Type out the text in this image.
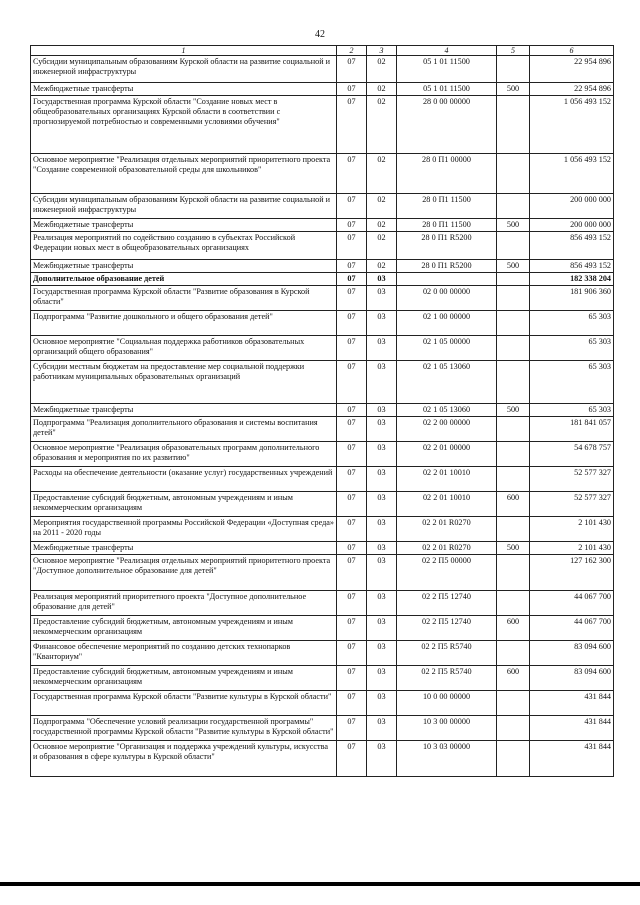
42
1	2	3	4	5	6
Субсидии муниципальным образованиям Курской области на развитие социальной и инженерной инфраструктуры	07	02	05 1 01 11500		22 954 896
Межбюджетные трансферты	07	02	05 1 01 11500	500	22 954 896
Государственная программа Курской области "Создание новых мест в общеобразовательных организациях Курской области в соответствии с прогнозируемой потребностью и современными условиями обучения"	07	02	28 0 00 00000		1 056 493 152
Основное мероприятие "Реализация отдельных мероприятий приоритетного проекта "Создание современной образовательной среды для школьников"	07	02	28 0 П1 00000		1 056 493 152
Субсидии муниципальным образованиям Курской области на развитие социальной и инженерной инфраструктуры	07	02	28 0 П1 11500		200 000 000
Межбюджетные трансферты	07	02	28 0 П1 11500	500	200 000 000
Реализация мероприятий по содействию созданию в субъектах Российской Федерации новых мест в общеобразовательных организациях	07	02	28 0 П1 R5200		856 493 152
Межбюджетные трансферты	07	02	28 0 П1 R5200	500	856 493 152
Дополнительное образование детей	07	03			182 338 204
Государственная программа Курской области "Развитие образования в Курской области"	07	03	02 0 00 00000		181 906 360
Подпрограмма "Развитие дошкольного и общего образования детей"	07	03	02 1 00 00000		65 303
Основное мероприятие "Социальная поддержка работников образовательных организаций общего образования"	07	03	02 1 05 00000		65 303
Субсидии местным бюджетам на предоставление мер социальной поддержки работникам муниципальных образовательных организаций	07	03	02 1 05 13060		65 303
Межбюджетные трансферты	07	03	02 1 05 13060	500	65 303
Подпрограмма "Реализация дополнительного образования и системы воспитания детей"	07	03	02 2 00 00000		181 841 057
Основное мероприятие "Реализация образовательных программ дополнительного образования и мероприятия по их развитию"	07	03	02 2 01 00000		54 678 757
Расходы на обеспечение деятельности (оказание услуг) государственных учреждений	07	03	02 2 01 10010		52 577 327
Предоставление субсидий бюджетным, автономным учреждениям и иным некоммерческим организациям	07	03	02 2 01 10010	600	52 577 327
Мероприятия государственной программы Российской Федерации «Доступная среда» на 2011 - 2020 годы	07	03	02 2 01 R0270		2 101 430
Межбюджетные трансферты	07	03	02 2 01 R0270	500	2 101 430
Основное мероприятие "Реализация отдельных мероприятий приоритетного проекта "Доступное дополнительное образование для детей"	07	03	02 2 П5 00000		127 162 300
Реализация мероприятий приоритетного проекта "Доступное дополнительное образование для детей"	07	03	02 2 П5 12740		44 067 700
Предоставление субсидий бюджетным, автономным учреждениям и иным некоммерческим организациям	07	03	02 2 П5 12740	600	44 067 700
Финансовое обеспечение мероприятий по созданию детских технопарков "Кванториум"	07	03	02 2 П5 R5740		83 094 600
Предоставление субсидий бюджетным, автономным учреждениям и иным некоммерческим организациям	07	03	02 2 П5 R5740	600	83 094 600
Государственная программа Курской области "Развитие культуры в Курской области"	07	03	10 0 00 00000		431 844
Подпрограмма "Обеспечение условий реализации государственной программы" государственной программы Курской области "Развитие культуры в Курской области"	07	03	10 3 00 00000		431 844
Основное мероприятие "Организация и поддержка учреждений культуры, искусства и образования в сфере культуры в Курской области"	07	03	10 3 03 00000		431 844
